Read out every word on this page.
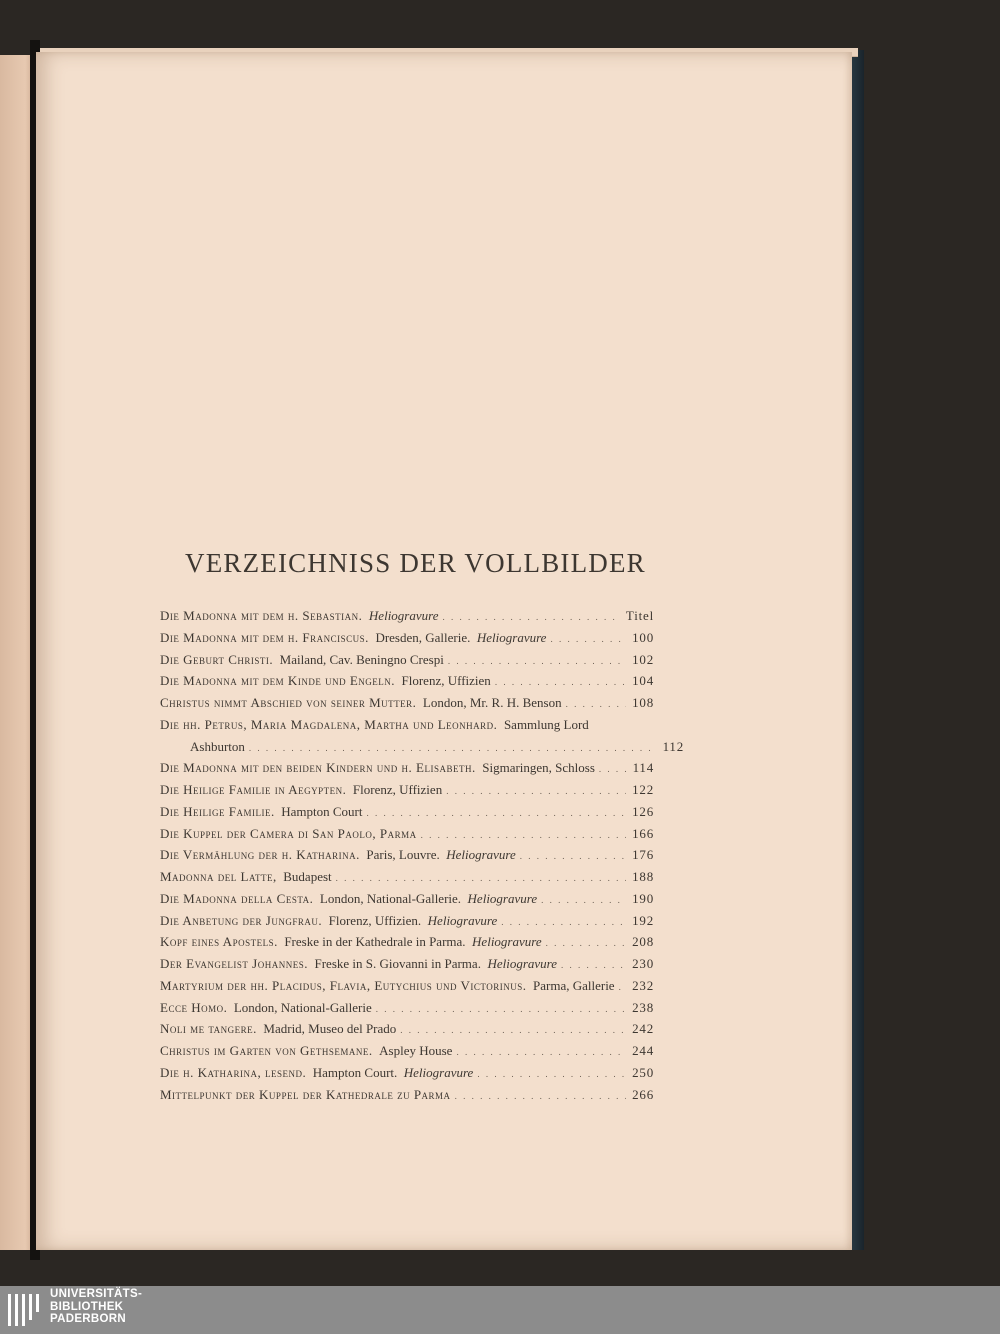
VERZEICHNISS DER VOLLBILDER
Die Madonna mit dem h. Sebastian. Heliogravure . . .	Titel
Die Madonna mit dem h. Franciscus. Dresden, Gallerie. Heliogravure . . .	100
Die Geburt Christi. Mailand, Cav. Beningno Crespi . . .	102
Die Madonna mit dem Kinde und Engeln. Florenz, Uffizien . . .	104
Christus nimmt Abschied von seiner Mutter. London, Mr. R. H. Benson . . .	108
Die hh. Petrus, Maria Magdalena, Martha und Leonhard. Sammlung Lord
Ashburton . . .	112
Die Madonna mit den beiden Kindern und h. Elisabeth. Sigmaringen, Schloss . . .	114
Die Heilige Familie in Aegypten. Florenz, Uffizien . . .	122
Die Heilige Familie. Hampton Court . . .	126
Die Kuppel der Camera di San Paolo, Parma . . .	166
Die Vermählung der h. Katharina. Paris, Louvre. Heliogravure . . .	176
Madonna del Latte, Budapest . . .	188
Die Madonna della Cesta. London, National-Gallerie. Heliogravure . . .	190
Die Anbetung der Jungfrau. Florenz, Uffizien. Heliogravure . . .	192
Kopf eines Apostels. Freske in der Kathedrale in Parma. Heliogravure . . .	208
Der Evangelist Johannes. Freske in S. Giovanni in Parma. Heliogravure . . .	230
Martyrium der hh. Placidus, Flavia, Eutychius und Victorinus. Parma, Gallerie . . . 232
Ecce Homo. London, National-Gallerie . . .	238
Noli me tangere. Madrid, Museo del Prado . . .	242
Christus im Garten von Gethsemane. Aspley House . . .	244
Die h. Katharina, lesend. Hampton Court. Heliogravure . . .	250
Mittelpunkt der Kuppel der Kathedrale zu Parma . . .	266
UNIVERSITÄTS-
BIBLIOTHEK
PADERBORN
